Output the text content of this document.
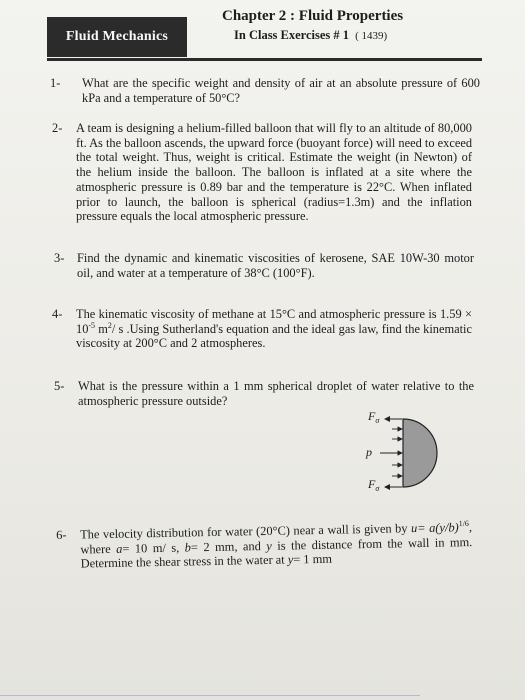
Fluid Mechanics
Chapter 2 : Fluid Properties
In Class Exercises # 1 ( 1439)
1- What are the specific weight and density of air at an absolute pressure of 600 kPa and a temperature of 50°C?
2- A team is designing a helium-filled balloon that will fly to an altitude of 80,000 ft. As the balloon ascends, the upward force (buoyant force) will need to exceed the total weight. Thus, weight is critical. Estimate the weight (in Newton) of the helium inside the balloon. The balloon is inflated at a site where the atmospheric pressure is 0.89 bar and the temperature is 22°C. When inflated prior to launch, the balloon is spherical (radius=1.3m) and the inflation pressure equals the local atmospheric pressure.
3- Find the dynamic and kinematic viscosities of kerosene, SAE 10W-30 motor oil, and water at a temperature of 38°C (100°F).
4- The kinematic viscosity of methane at 15°C and atmospheric pressure is $1.59 \times 10^{-5}$ $m^2/$ s .Using Sutherland's equation and the ideal gas law, find the kinematic viscosity at 200°C and 2 atmospheres.
5- What is the pressure within a 1 mm spherical droplet of water relative to the atmospheric pressure outside?
$F_\sigma$
$F_\sigma$
p
6- The velocity distribution for water (20°C) near a wall is given by $u= a(y/b)^{1/6}$, where a= 10 m/ s, b= 2 mm, and y is the distance from the wall in mm. Determine the shear stress in the water at y= 1 mm
